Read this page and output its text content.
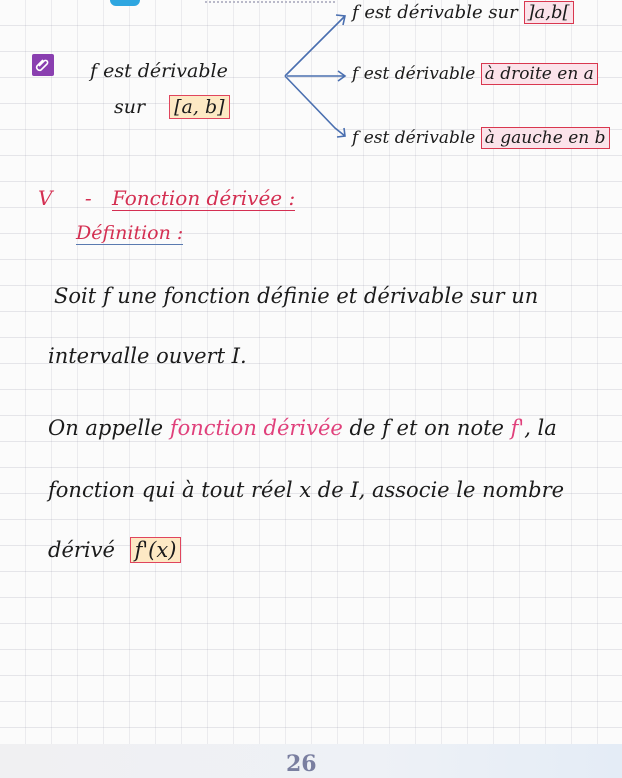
f est dérivable sur ]a,b[
f est dérivable
sur [a, b]
f est dérivable à droite en a
f est dérivable à gauche en b
V - Fonction dérivée :
Définition :
Soit f une fonction définie et dérivable sur un
intervalle ouvert I.
On appelle fonction dérivée de f et on note f', la
fonction qui à tout réel x de I, associe le nombre
dérivé f'(x)
26
